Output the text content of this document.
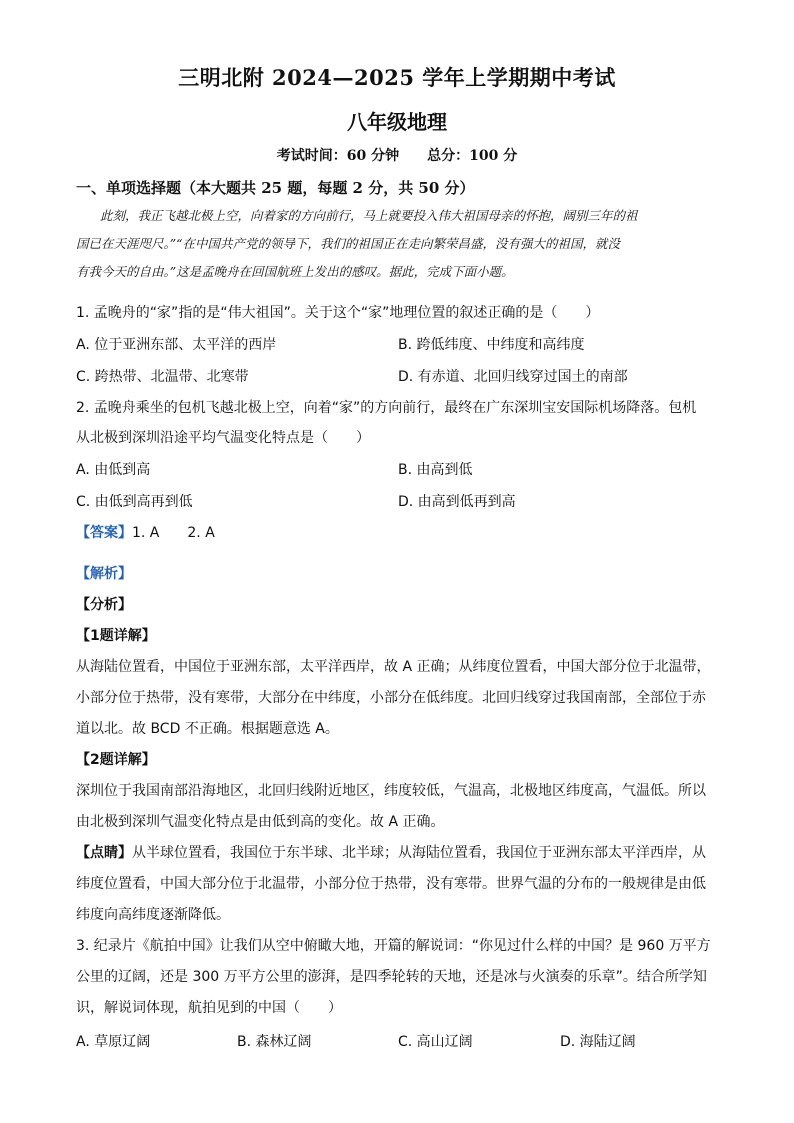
三明北附 2024—2025 学年上学期期中考试
八年级地理
考试时间：60 分钟 总分：100 分
一、单项选择题（本大题共 25 题，每题 2 分，共 50 分）
此刻，我正飞越北极上空，向着家的方向前行，马上就要投入伟大祖国母亲的怀抱，阔别三年的祖
国已在天涯咫尺。”“在中国共产党的领导下，我们的祖国正在走向繁荣昌盛，没有强大的祖国，就没
有我今天的自由。”这是孟晚舟在回国航班上发出的感叹。据此，完成下面小题。
1. 孟晚舟的“家”指的是“伟大祖国”。关于这个“家”地理位置的叙述正确的是（　　）
A. 位于亚洲东部、太平洋的西岸	B. 跨低纬度、中纬度和高纬度
C. 跨热带、北温带、北寒带	D. 有赤道、北回归线穿过国土的南部
2. 孟晚舟乘坐的包机飞越北极上空，向着“家”的方向前行，最终在广东深圳宝安国际机场降落。包机
从北极到深圳沿途平均气温变化特点是（　　）
A. 由低到高	B. 由高到低
C. 由低到高再到低	D. 由高到低再到高
【答案】1. A　　2. A
【解析】
【分析】
【1题详解】
从海陆位置看，中国位于亚洲东部，太平洋西岸，故 A 正确；从纬度位置看，中国大部分位于北温带，
小部分位于热带，没有寒带，大部分在中纬度，小部分在低纬度。北回归线穿过我国南部，全部位于赤
道以北。故 BCD 不正确。根据题意选 A。
【2题详解】
深圳位于我国南部沿海地区，北回归线附近地区，纬度较低，气温高，北极地区纬度高，气温低。所以
由北极到深圳气温变化特点是由低到高的变化。故 A 正确。
【点睛】从半球位置看，我国位于东半球、北半球；从海陆位置看，我国位于亚洲东部太平洋西岸，从
纬度位置看，中国大部分位于北温带，小部分位于热带，没有寒带。世界气温的分布的一般规律是由低
纬度向高纬度逐渐降低。
3. 纪录片《航拍中国》让我们从空中俯瞰大地，开篇的解说词：“你见过什么样的中国？是 960 万平方
公里的辽阔，还是 300 万平方公里的澎湃，是四季轮转的天地，还是冰与火演奏的乐章”。结合所学知
识，解说词体现，航拍见到的中国（　　）
A. 草原辽阔	B. 森林辽阔	C. 高山辽阔	D. 海陆辽阔
